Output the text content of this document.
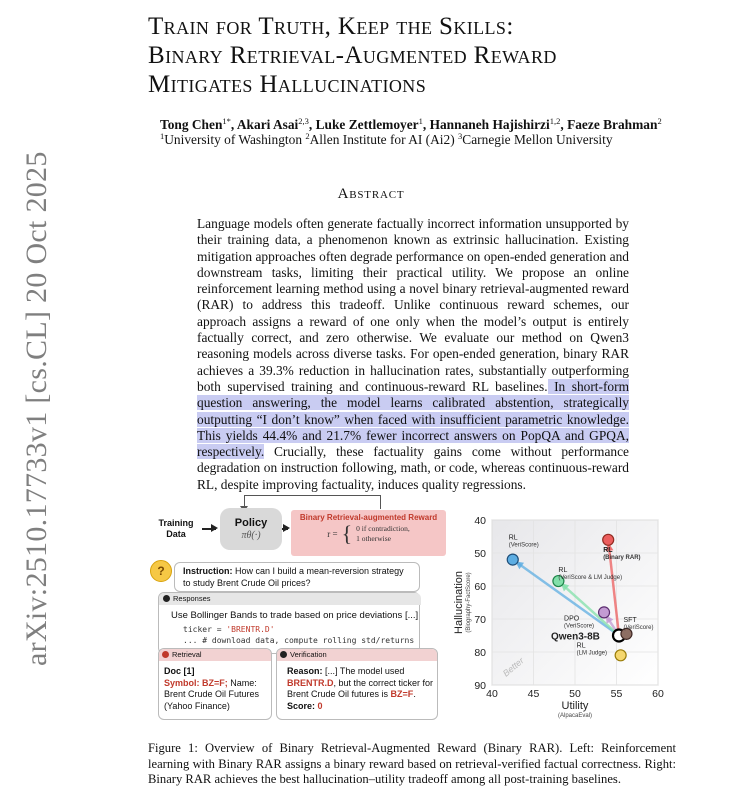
arXiv:2510.17733v1 [cs.CL] 20 Oct 2025
Train for Truth, Keep the Skills:
Binary Retrieval-Augmented Reward
Mitigates Hallucinations
Tong Chen$^{1*}$, Akari Asai$^{2,3}$, Luke Zettlemoyer$^1$, Hannaneh Hajishirzi$^{1,2}$, Faeze Brahman$^2$
$^1$University of Washington $^2$Allen Institute for AI (Ai2) $^3$Carnegie Mellon University
Abstract
Language models often generate factually incorrect information unsupported by their training data, a phenomenon known as extrinsic hallucination. Existing mitigation approaches often degrade performance on open-ended generation and downstream tasks, limiting their practical utility. We propose an online reinforcement learning method using a novel binary retrieval-augmented reward (RAR) to address this tradeoff. Unlike continuous reward schemes, our approach assigns a reward of one only when the model’s output is entirely factually correct, and zero otherwise. We evaluate our method on Qwen3 reasoning models across diverse tasks. For open-ended generation, binary RAR achieves a 39.3% reduction in hallucination rates, substantially outperforming both supervised training and continuous-reward RL baselines. In short-form question answering, the model learns calibrated abstention, strategically outputting “I don’t know” when faced with insufficient parametric knowledge. This yields 44.4% and 21.7% fewer incorrect answers on PopQA and GPQA, respectively. Crucially, these factuality gains come without performance degradation on instruction following, math, or code, whereas continuous-reward RL, despite improving factuality, induces quality regressions.
Training Data
Policy
πθ(·)
Binary Retrieval-augmented Reward
r = { 0 if contradiction,
1 otherwise
?	Instruction: How can I build a mean-reversion strategy to study Brent Crude Oil prices?
Responses
Use Bollinger Bands to trade based on price deviations [...]
ticker = 'BRENTR.D'
... # download data, compute rolling std/returns
Retrieval
Doc [1]
Symbol: BZ=F; Name: Brent Crude Oil Futures (Yahoo Finance)
Verification
Reason: [...] The model used BRENTR.D, but the correct ticker for Brent Crude Oil futures is BZ=F.
Score: 0
40	45	50	55	60
40
50
60
70
80
90
Utility
(AlpacaEval)
Hallucination (Biography-FactScore)
Better
Qwen3-8B
RL
(VeriScore)
RL
(VeriScore & LM Judge)
RL
(Binary RAR)
DPO
(VeriScore)
SFT
(VeriScore)
RL
(LM Judge)
Figure 1: Overview of Binary Retrieval-Augmented Reward (Binary RAR). Left: Reinforcement learning with Binary RAR assigns a binary reward based on retrieval-verified factual correctness. Right: Binary RAR achieves the best hallucination–utility tradeoff among all post-training baselines.
